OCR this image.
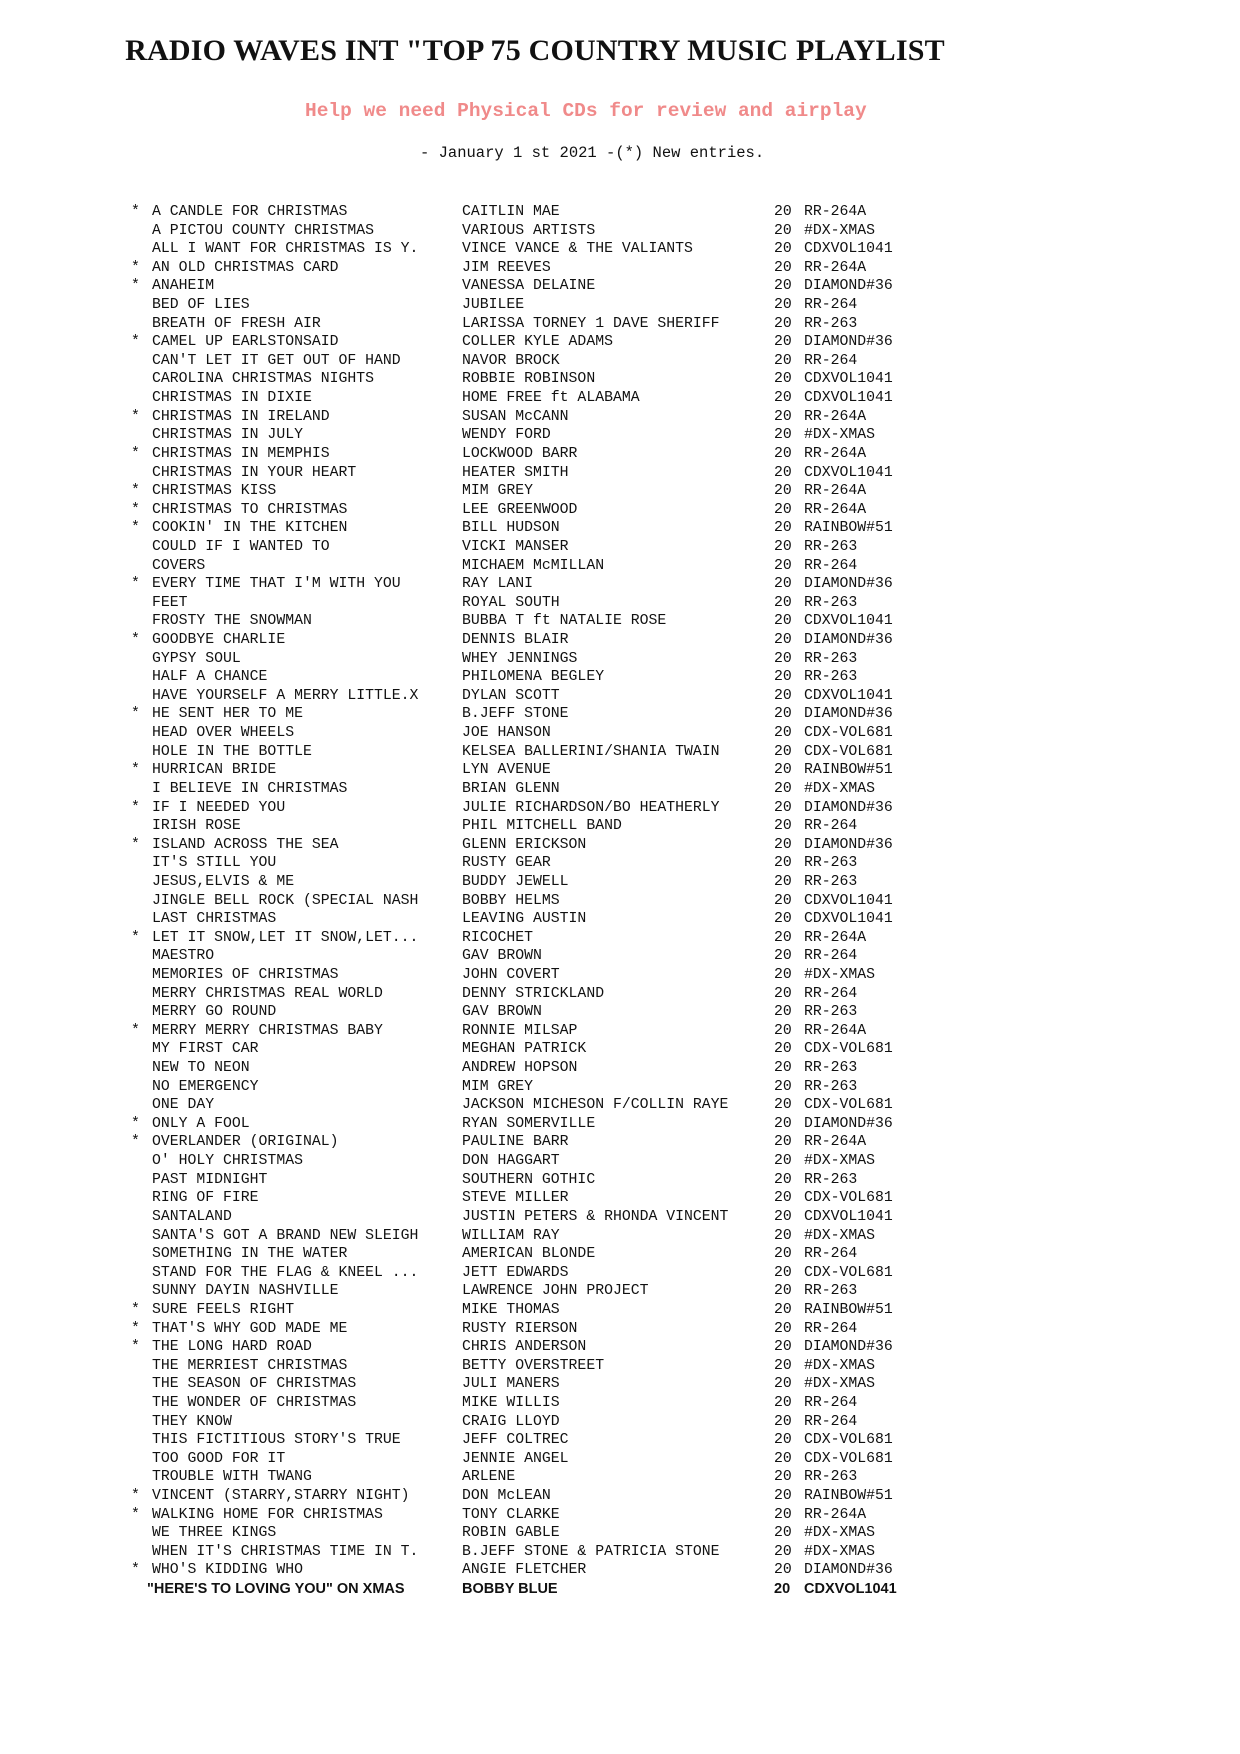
RADIO WAVES INT "TOP 75 COUNTRY MUSIC PLAYLIST
Help we need Physical CDs for review and airplay
- January 1 st 2021 -(*) New entries.
* A CANDLE FOR CHRISTMAS	CAITLIN MAE	20 RR-264A
A PICTOU COUNTY CHRISTMAS	VARIOUS ARTISTS	20 #DX-XMAS
ALL I WANT FOR CHRISTMAS IS Y.	VINCE VANCE & THE VALIANTS	20 CDXVOL1041
* AN OLD CHRISTMAS CARD	JIM REEVES	20 RR-264A
* ANAHEIM	VANESSA DELAINE	20 DIAMOND#36
BED OF LIES	JUBILEE	20 RR-264
BREATH OF FRESH AIR	LARISSA TORNEY 1 DAVE SHERIFF	20 RR-263
* CAMEL UP EARLSTONSAID	COLLER KYLE ADAMS	20 DIAMOND#36
CAN'T LET IT GET OUT OF HAND	NAVOR BROCK	20 RR-264
CAROLINA CHRISTMAS NIGHTS	ROBBIE ROBINSON	20 CDXVOL1041
CHRISTMAS IN DIXIE	HOME FREE ft ALABAMA	20 CDXVOL1041
* CHRISTMAS IN IRELAND	SUSAN McCANN	20 RR-264A
CHRISTMAS IN JULY	WENDY FORD	20 #DX-XMAS
* CHRISTMAS IN MEMPHIS	LOCKWOOD BARR	20 RR-264A
CHRISTMAS IN YOUR HEART	HEATER SMITH	20 CDXVOL1041
* CHRISTMAS KISS	MIM GREY	20 RR-264A
* CHRISTMAS TO CHRISTMAS	LEE GREENWOOD	20 RR-264A
* COOKIN' IN THE KITCHEN	BILL HUDSON	20 RAINBOW#51
COULD IF I WANTED TO	VICKI MANSER	20 RR-263
COVERS	MICHAEM McMILLAN	20 RR-264
* EVERY TIME THAT I'M WITH YOU	RAY LANI	20 DIAMOND#36
FEET	ROYAL SOUTH	20 RR-263
FROSTY THE SNOWMAN	BUBBA T ft NATALIE ROSE	20 CDXVOL1041
* GOODBYE CHARLIE	DENNIS BLAIR	20 DIAMOND#36
GYPSY SOUL	WHEY JENNINGS	20 RR-263
HALF A CHANCE	PHILOMENA BEGLEY	20 RR-263
HAVE YOURSELF A MERRY LITTLE.X	DYLAN SCOTT	20 CDXVOL1041
* HE SENT HER TO ME	B.JEFF STONE	20 DIAMOND#36
HEAD OVER WHEELS	JOE HANSON	20 CDX-VOL681
HOLE IN THE BOTTLE	KELSEA BALLERINI/SHANIA TWAIN	20 CDX-VOL681
* HURRICAN BRIDE	LYN AVENUE	20 RAINBOW#51
I BELIEVE IN CHRISTMAS	BRIAN GLENN	20 #DX-XMAS
* IF I NEEDED YOU	JULIE RICHARDSON/BO HEATHERLY	20 DIAMOND#36
IRISH ROSE	PHIL MITCHELL BAND	20 RR-264
* ISLAND ACROSS THE SEA	GLENN ERICKSON	20 DIAMOND#36
IT'S STILL YOU	RUSTY GEAR	20 RR-263
JESUS,ELVIS & ME	BUDDY JEWELL	20 RR-263
JINGLE BELL ROCK (SPECIAL NASH	BOBBY HELMS	20 CDXVOL1041
LAST CHRISTMAS	LEAVING AUSTIN	20 CDXVOL1041
* LET IT SNOW,LET IT SNOW,LET...	RICOCHET	20 RR-264A
MAESTRO	GAV BROWN	20 RR-264
MEMORIES OF CHRISTMAS	JOHN COVERT	20 #DX-XMAS
MERRY CHRISTMAS REAL WORLD	DENNY STRICKLAND	20 RR-264
MERRY GO ROUND	GAV BROWN	20 RR-263
* MERRY MERRY CHRISTMAS BABY	RONNIE MILSAP	20 RR-264A
MY FIRST CAR	MEGHAN PATRICK	20 CDX-VOL681
NEW TO NEON	ANDREW HOPSON	20 RR-263
NO EMERGENCY	MIM GREY	20 RR-263
ONE DAY	JACKSON MICHESON F/COLLIN RAYE	20 CDX-VOL681
* ONLY A FOOL	RYAN SOMERVILLE	20 DIAMOND#36
* OVERLANDER (ORIGINAL)	PAULINE BARR	20 RR-264A
O' HOLY CHRISTMAS	DON HAGGART	20 #DX-XMAS
PAST MIDNIGHT	SOUTHERN GOTHIC	20 RR-263
RING OF FIRE	STEVE MILLER	20 CDX-VOL681
SANTALAND	JUSTIN PETERS & RHONDA VINCENT	20 CDXVOL1041
SANTA'S GOT A BRAND NEW SLEIGH	WILLIAM RAY	20 #DX-XMAS
SOMETHING IN THE WATER	AMERICAN BLONDE	20 RR-264
STAND FOR THE FLAG & KNEEL ...	JETT EDWARDS	20 CDX-VOL681
SUNNY DAYIN NASHVILLE	LAWRENCE JOHN PROJECT	20 RR-263
* SURE FEELS RIGHT	MIKE THOMAS	20 RAINBOW#51
* THAT'S WHY GOD MADE ME	RUSTY RIERSON	20 RR-264
* THE LONG HARD ROAD	CHRIS ANDERSON	20 DIAMOND#36
THE MERRIEST CHRISTMAS	BETTY OVERSTREET	20 #DX-XMAS
THE SEASON OF CHRISTMAS	JULI MANERS	20 #DX-XMAS
THE WONDER OF CHRISTMAS	MIKE WILLIS	20 RR-264
THEY KNOW	CRAIG LLOYD	20 RR-264
THIS FICTITIOUS STORY'S TRUE	JEFF COLTREC	20 CDX-VOL681
TOO GOOD FOR IT	JENNIE ANGEL	20 CDX-VOL681
TROUBLE WITH TWANG	ARLENE	20 RR-263
* VINCENT (STARRY,STARRY NIGHT)	DON McLEAN	20 RAINBOW#51
* WALKING HOME FOR CHRISTMAS	TONY CLARKE	20 RR-264A
WE THREE KINGS	ROBIN GABLE	20 #DX-XMAS
WHEN IT'S CHRISTMAS TIME IN T.	B.JEFF STONE & PATRICIA STONE	20 #DX-XMAS
* WHO'S KIDDING WHO	ANGIE FLETCHER	20 DIAMOND#36
"HERE'S TO LOVING YOU" ON XMAS	BOBBY BLUE	20 CDXVOL1041
